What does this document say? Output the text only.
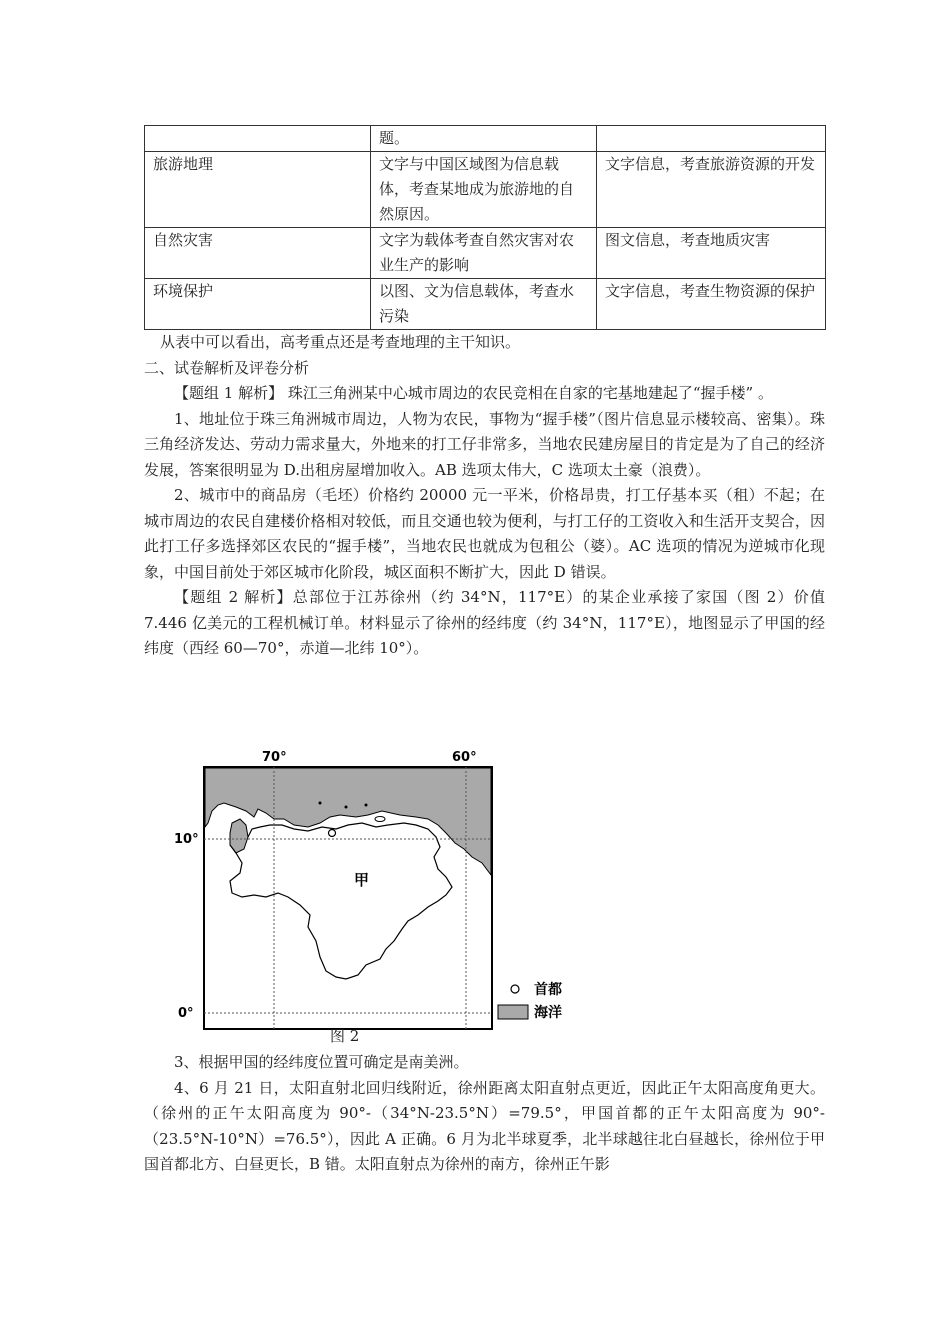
	题。	
旅游地理	文字与中国区域图为信息载体，考查某地成为旅游地的自然原因。	文字信息，考查旅游资源的开发
自然灾害	文字为载体考查自然灾害对农业生产的影响	图文信息，考查地质灾害
环境保护	以图、文为信息载体，考查水污染	文字信息，考查生物资源的保护

从表中可以看出，高考重点还是考查地理的主干知识。

二、试卷解析及评卷分析

【题组 1 解析】 珠江三角洲某中心城市周边的农民竞相在自家的宅基地建起了“握手楼” 。

1、地址位于珠三角洲城市周边，人物为农民，事物为“握手楼”（图片信息显示楼较高、密集）。珠三角经济发达、劳动力需求量大，外地来的打工仔非常多，当地农民建房屋目的肯定是为了自己的经济发展，答案很明显为 D.出租房屋增加收入。AB 选项太伟大，C 选项太土豪（浪费）。

2、城市中的商品房（毛坯）价格约 20000 元一平米，价格昂贵，打工仔基本买（租）不起；在城市周边的农民自建楼价格相对较低，而且交通也较为便利，与打工仔的工资收入和生活开支契合，因此打工仔多选择郊区农民的“握手楼”，当地农民也就成为包租公（婆）。AC 选项的情况为逆城市化现象，中国目前处于郊区城市化阶段，城区面积不断扩大，因此 D 错误。

【题组 2 解析】总部位于江苏徐州（约 34°N，117°E）的某企业承接了家国（图 2）价值 7.446 亿美元的工程机械订单。材料显示了徐州的经纬度（约 34°N，117°E），地图显示了甲国的经纬度（西经 60—70°，赤道—北纬 10°）。

70°	60°
10°
0°
甲
首都
海洋
图 2

3、根据甲国的经纬度位置可确定是南美洲。

4、6 月 21 日，太阳直射北回归线附近，徐州距离太阳直射点更近，因此正午太阳高度角更大。（徐州的正午太阳高度为 90°-（34°N-23.5°N）=79.5°，甲国首都的正午太阳高度为 90°-（23.5°N-10°N）=76.5°），因此 A 正确。6 月为北半球夏季，北半球越往北白昼越长，徐州位于甲国首都北方、白昼更长，B 错。太阳直射点为徐州的南方，徐州正午影
